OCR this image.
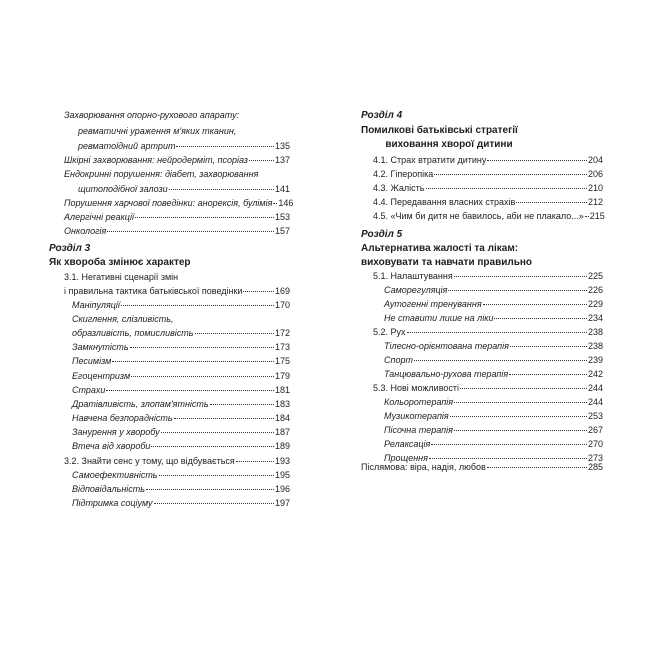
Захворювання опорно-рухового апарату:
ревматичні ураження м'яких тканин,
ревматоїдний артрит	135
Шкірні захворювання: нейродерміт, псоріаз	137
Ендокринні порушення: діабет, захворювання
щитоподібної залози	141
Порушення харчової поведінки: анорексія, булімія 146
Алергічні реакції	153
Онкологія	157
Розділ 3
Як хвороба змінює характер
3.1. Негативні сценарії змін
і правильна тактика батьківської поведінки	169
Маніпуляції	170
Скиглення, слізливість,
образливість, помисливість	172
Замкнутість	173
Песимізм	175
Егоцентризм	179
Страхи	181
Дратівливість, злопам'ятність	183
Навчена безпорадність	184
Занурення у хворобу	187
Втеча від хвороби	189
3.2. Знайти сенс у тому, що відбувається	193
Самоефективність	195
Відповідальність	196
Підтримка соціуму	197
Розділ 4
Помилкові батьківські стратегії
виховання хворої дитини
4.1. Страх втратити дитину	204
4.2. Гіперопіка	206
4.3. Жалість	210
4.4. Передавання власних страхів	212
4.5. «Чим би дитя не бавилось, аби не плакало...» 215
Розділ 5
Альтернатива жалості та лікам:
виховувати та навчати правильно
5.1. Налаштування	225
Саморегуляція	226
Аутогенні тренування	229
Не ставити лише на ліки	234
5.2. Рух	238
Тілесно-орієнтована терапія	238
Спорт	239
Танцювально-рухова терапія	242
5.3. Нові можливості	244
Кольоротерапія	244
Музикотерапія	253
Пісочна терапія	267
Релаксація	270
Прощення	273
Післямова: віра, надія, любов	285
